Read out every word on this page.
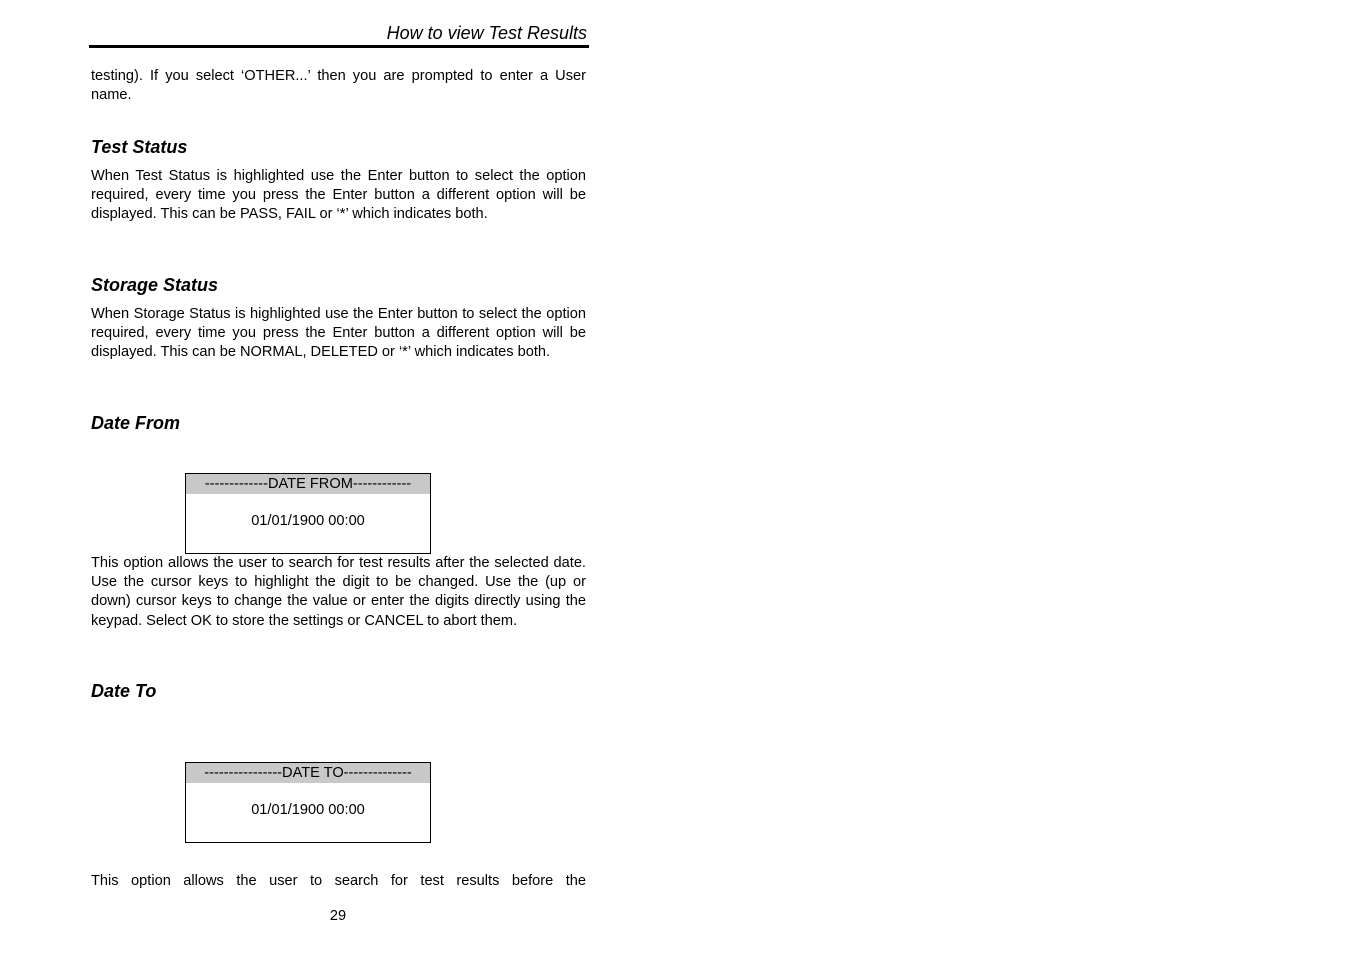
How to view Test Results

testing). If you select ‘OTHER...’ then you are prompted to enter a User name.

Test Status

When Test Status is highlighted use the Enter button to select the option required, every time you press the Enter button a different option will be displayed. This can be PASS, FAIL or ‘*’ which indicates both.

Storage Status

When Storage Status is highlighted use the Enter button to select the option required, every time you press the Enter button a different option will be displayed. This can be NORMAL, DELETED or ‘*’ which indicates both.

Date From
-------------DATE FROM------------
01/01/1900 00:00

This option allows the user to search for test results after the selected date. Use the cursor keys to highlight the digit to be changed. Use the (up or down) cursor keys to change the value or enter the digits directly using the keypad. Select OK to store the settings or CANCEL to abort them.

Date To
----------------DATE TO--------------
01/01/1900 00:00

This option allows the user to search for test results before the

29
